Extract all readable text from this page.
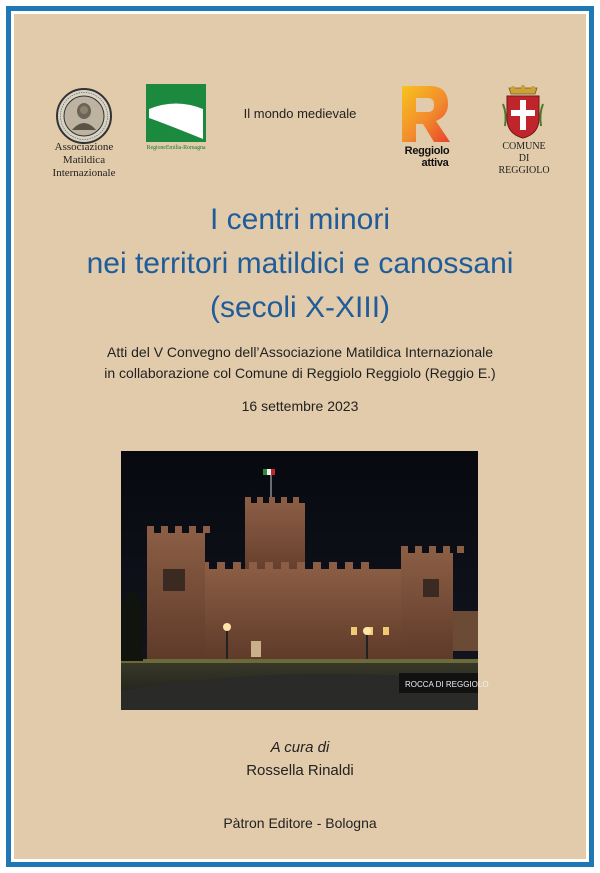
Associazione
Matildica
Internazionale
RegioneEmilia-Romagna
Il mondo medievale
Reggiolo
attiva
COMUNE
DI
REGGIOLO
I centri minori
nei territori matildici e canossani
(secoli X-XIII)
Atti del V Convegno dell’Associazione Matildica Internazionale
in collaborazione col Comune di Reggiolo Reggiolo (Reggio E.)
16 settembre 2023
ROCCA DI REGGIOLO
A cura di
Rossella Rinaldi
Pàtron Editore - Bologna
